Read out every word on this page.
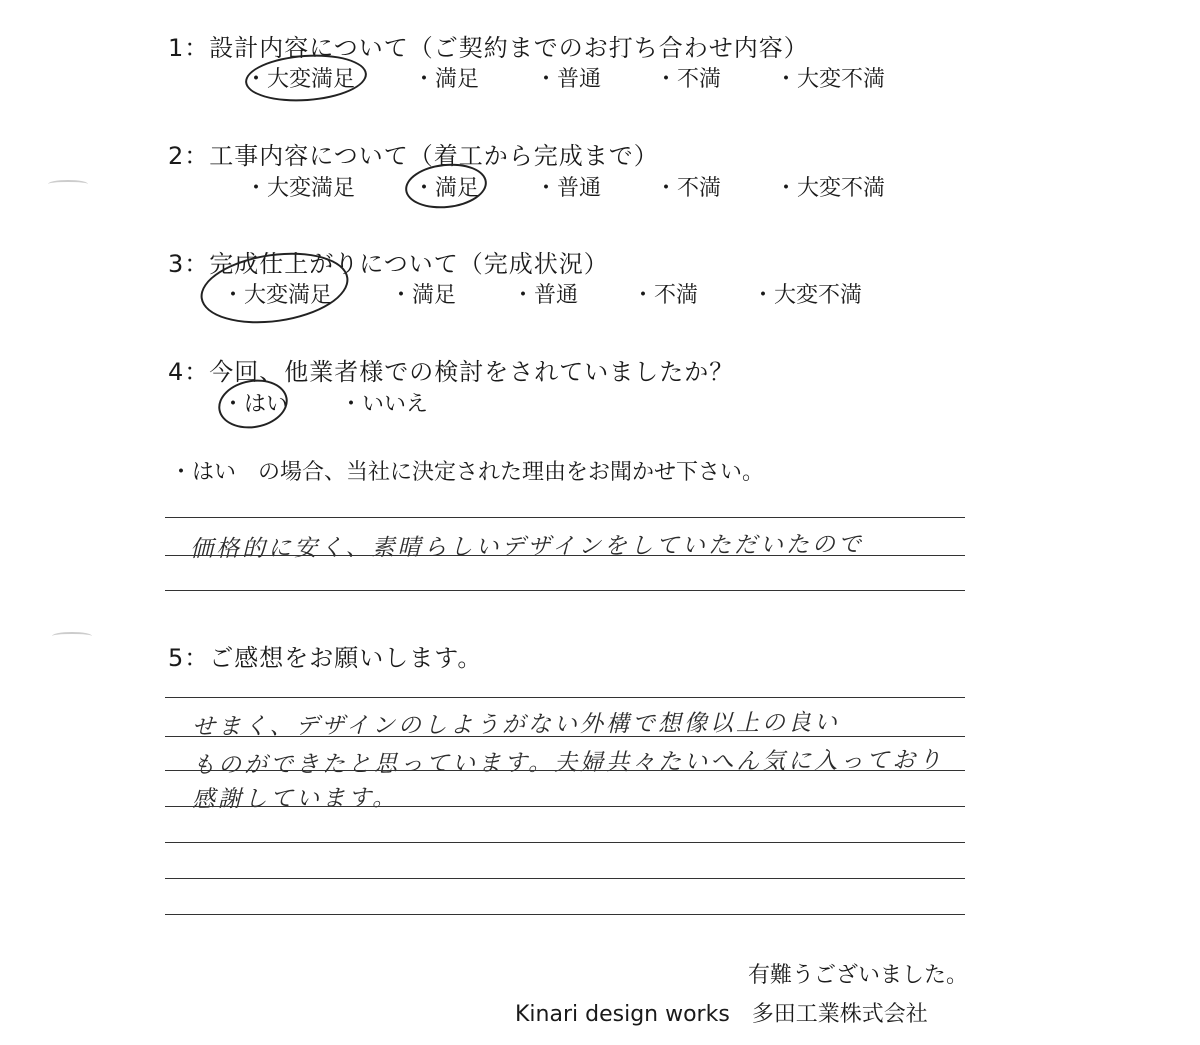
1：設計内容について（ご契約までのお打ち合わせ内容）
・大変満足	・満足	・普通 ・不満 ・大変不満
2：工事内容について（着工から完成まで）
・大変満足	・満足	・普通 ・不満 ・大変不満
3：完成仕上がりについて（完成状況）
・大変満足	・満足	・普通 ・不満 ・大変不満
4：今回、他業者様での検討をされていましたか？
・はい ・いいえ
・はい　の場合、当社に決定された理由をお聞かせ下さい。
価格的に安く、素晴らしいデザインをしていただいたので
5：ご感想をお願いします。
せまく、デザインのしようがない外構で想像以上の良い
ものができたと思っています。夫婦共々たいへん気に入っており
感謝しています。
有難うございました。
Kinari design works　多田工業株式会社
